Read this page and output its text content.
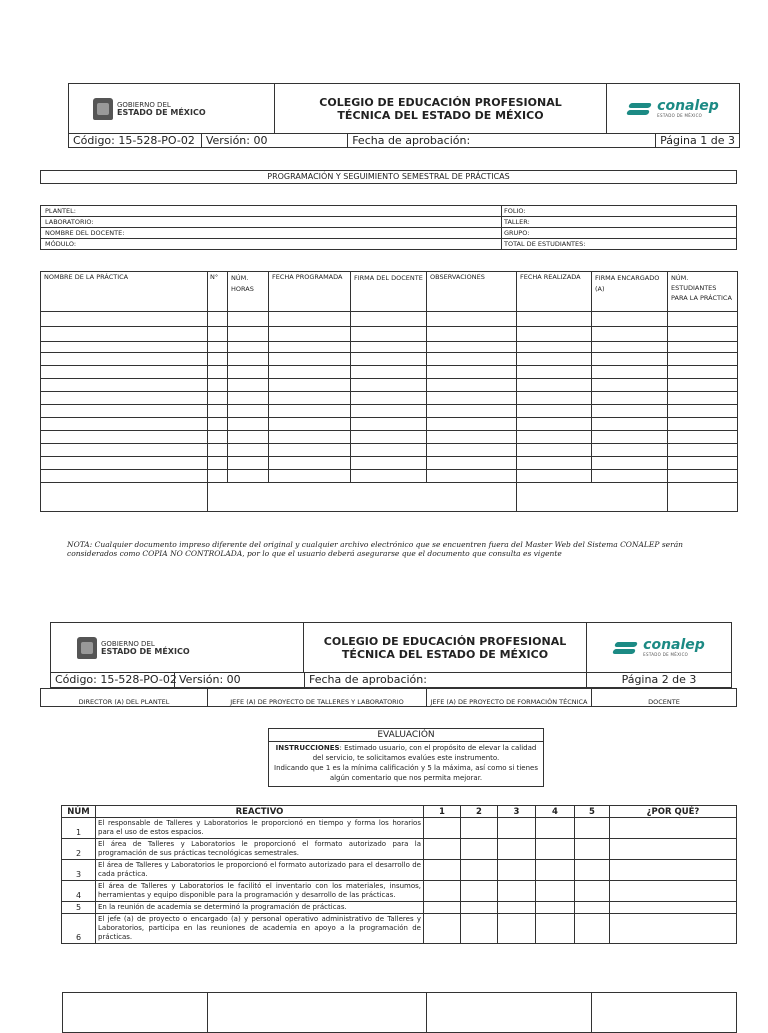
GOBIERNO DEL
ESTADO DE MÉXICO
COLEGIO DE EDUCACIÓN PROFESIONAL
TÉCNICA DEL ESTADO DE MÉXICO
conalep
ESTADO DE MÉXICO
Código: 15-528-PO-02 Versión: 00	Fecha de aprobación:	Página 1 de 3
PROGRAMACIÓN Y SEGUIMIENTO SEMESTRAL DE PRÁCTICAS
PLANTEL:	FOLIO:
LABORATORIO:	TALLER:
NOMBRE DEL DOCENTE:	GRUPO:
MÓDULO:	TOTAL DE ESTUDIANTES:
NOMBRE DE LA PRÁCTICA	N°	NÚM. HORAS	FECHA PROGRAMADA	FIRMA DEL DOCENTE	OBSERVACIONES	FECHA REALIZADA	FIRMA ENCARGADO (A)	NÚM. ESTUDIANTES PARA LA PRÁCTICA

NOTA: Cualquier documento impreso diferente del original y cualquier archivo electrónico que se encuentren fuera del Master Web del Sistema CONALEP serán considerados como COPIA NO CONTROLADA, por lo que el usuario deberá asegurarse que el documento que consulta es vigente
GOBIERNO DEL
ESTADO DE MÉXICO
COLEGIO DE EDUCACIÓN PROFESIONAL
TÉCNICA DEL ESTADO DE MÉXICO
conalep
ESTADO DE MÉXICO
Código: 15-528-PO-02 Versión: 00	Fecha de aprobación:	Página 2 de 3
DIRECTOR (A) DEL PLANTEL	JEFE (A) DE PROYECTO DE TALLERES Y LABORATORIO	JEFE (A) DE PROYECTO DE FORMACIÓN TÉCNICA	DOCENTE
EVALUACIÓN
INSTRUCCIONES: Estimado usuario, con el propósito de elevar la calidad del servicio, te solicitamos evalúes este instrumento.
Indicando que 1 es la mínima calificación y 5 la máxima, así como si tienes algún comentario que nos permita mejorar.
NÚM	REACTIVO	1	2	3	4	5	¿POR QUÉ?
1	El responsable de Talleres y Laboratorios le proporcionó en tiempo y forma los horarios para el uso de estos espacios.						
2	El área de Talleres y Laboratorios le proporcionó el formato autorizado para la programación de sus prácticas tecnológicas semestrales.						
3	El área de Talleres y Laboratorios le proporcionó el formato autorizado para el desarrollo de cada práctica.						
4	El área de Talleres y Laboratorios le facilitó el inventario con los materiales, insumos, herramientas y equipo disponible para la programación y desarrollo de las prácticas.						
5	En la reunión de academia se determinó la programación de prácticas.						
6	El jefe (a) de proyecto o encargado (a) y personal operativo administrativo de Talleres y Laboratorios, participa en las reuniones de academia en apoyo a la programación de prácticas.						
